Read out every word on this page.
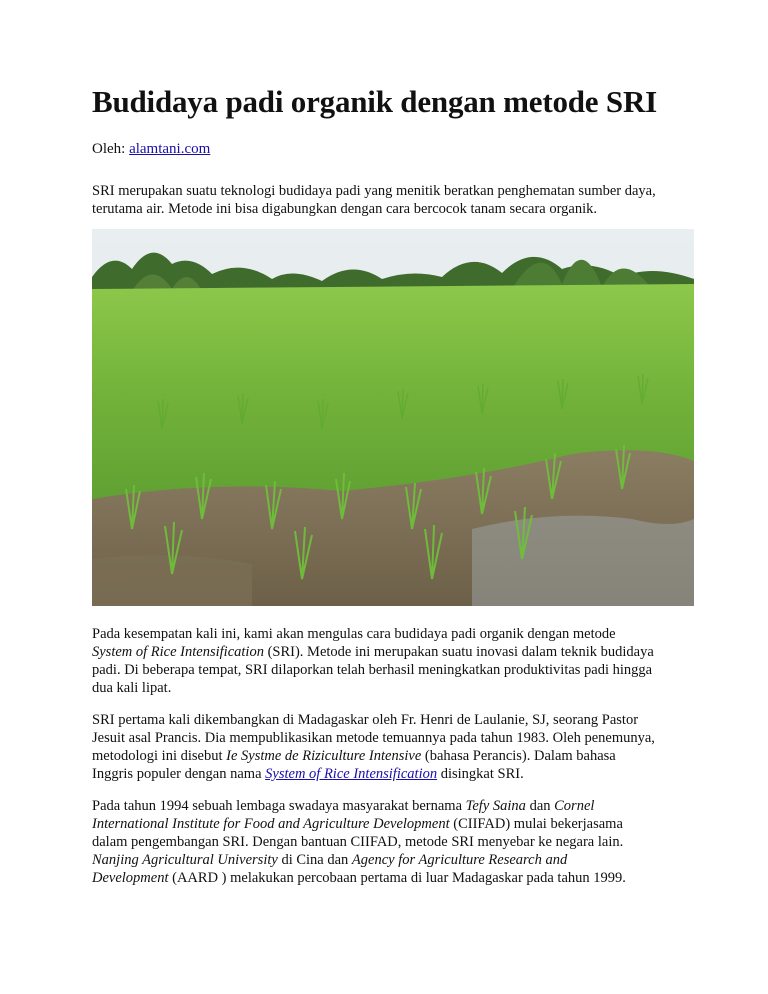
Budidaya padi organik dengan metode SRI
Oleh: alamtani.com

SRI merupakan suatu teknologi budidaya padi yang menitik beratkan penghematan sumber daya,

terutama air. Metode ini bisa digabungkan dengan cara bercocok tanam secara organik.

Pada kesempatan kali ini, kami akan mengulas cara budidaya padi organik dengan metode

System of Rice Intensification (SRI). Metode ini merupakan suatu inovasi dalam teknik budidaya

padi. Di beberapa tempat, SRI dilaporkan telah berhasil meningkatkan produktivitas padi hingga

dua kali lipat.

SRI pertama kali dikembangkan di Madagaskar oleh Fr. Henri de Laulanie, SJ, seorang Pastor

Jesuit asal Prancis. Dia mempublikasikan metode temuannya pada tahun 1983. Oleh penemunya,

metodologi ini disebut Ie Systme de Riziculture Intensive (bahasa Perancis). Dalam bahasa

Inggris populer dengan nama System of Rice Intensification disingkat SRI.

Pada tahun 1994 sebuah lembaga swadaya masyarakat bernama Tefy Saina dan Cornel

International Institute for Food and Agriculture Development (CIIFAD) mulai bekerjasama

dalam pengembangan SRI. Dengan bantuan CIIFAD, metode SRI menyebar ke negara lain.

Nanjing Agricultural University di Cina dan Agency for Agriculture Research and

Development (AARD ) melakukan percobaan pertama di luar Madagaskar pada tahun 1999.
